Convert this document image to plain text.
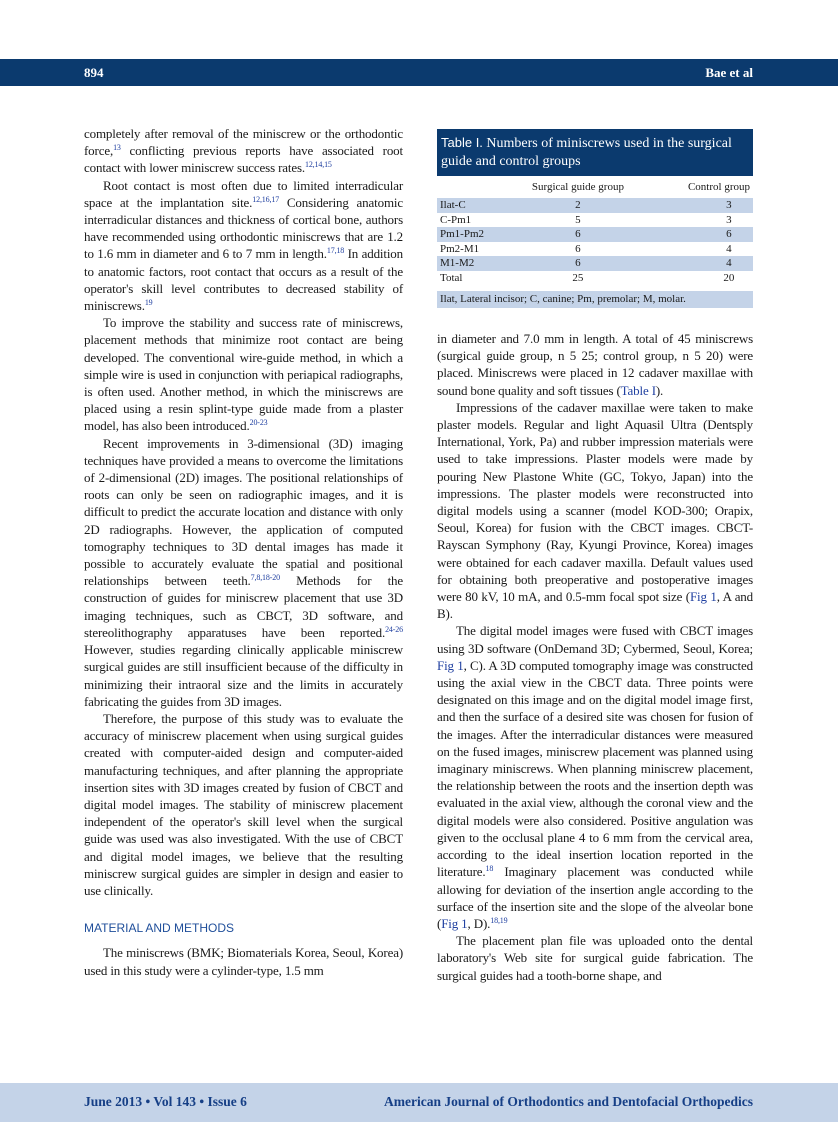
894	Bae et al

completely after removal of the miniscrew or the orthodontic force,$^{13}$ conflicting previous reports have associated root contact with lower miniscrew success rates.$^{12,14,15}$

Root contact is most often due to limited interradicular space at the implantation site.$^{12,16,17}$ Considering anatomic interradicular distances and thickness of cortical bone, authors have recommended using orthodontic miniscrews that are 1.2 to 1.6 mm in diameter and 6 to 7 mm in length.$^{17,18}$ In addition to anatomic factors, root contact that occurs as a result of the operator's skill level contributes to decreased stability of miniscrews.$^{19}$

To improve the stability and success rate of miniscrews, placement methods that minimize root contact are being developed. The conventional wire-guide method, in which a simple wire is used in conjunction with periapical radiographs, is often used. Another method, in which the miniscrews are placed using a resin splint-type guide made from a plaster model, has also been introduced.$^{20-23}$

Recent improvements in 3-dimensional (3D) imaging techniques have provided a means to overcome the limitations of 2-dimensional (2D) images. The positional relationships of roots can only be seen on radiographic images, and it is difficult to predict the accurate location and distance with only 2D radiographs. However, the application of computed tomography techniques to 3D dental images has made it possible to accurately evaluate the spatial and positional relationships between teeth.$^{7,8,18-20}$ Methods for the construction of guides for miniscrew placement that use 3D imaging techniques, such as CBCT, 3D software, and stereolithography apparatuses have been reported.$^{24-26}$ However, studies regarding clinically applicable miniscrew surgical guides are still insufficient because of the difficulty in minimizing their intraoral size and the limits in accurately fabricating the guides from 3D images.

Therefore, the purpose of this study was to evaluate the accuracy of miniscrew placement when using surgical guides created with computer-aided design and computer-aided manufacturing techniques, and after planning the appropriate insertion sites with 3D images created by fusion of CBCT and digital model images. The stability of miniscrew placement independent of the operator's skill level when the surgical guide was used was also investigated. With the use of CBCT and digital model images, we believe that the resulting miniscrew surgical guides are simpler in design and easier to use clinically.

MATERIAL AND METHODS

The miniscrews (BMK; Biomaterials Korea, Seoul, Korea) used in this study were a cylinder-type, 1.5 mm

Table I. Numbers of miniscrews used in the surgical guide and control groups
	Surgical guide group	Control group
Ilat-C	2	3
C-Pm1	5	3
Pm1-Pm2	6	6
Pm2-M1	6	4
M1-M2	6	4
Total	25	20
Ilat, Lateral incisor; C, canine; Pm, premolar; M, molar.

in diameter and 7.0 mm in length. A total of 45 miniscrews (surgical guide group, n 5 25; control group, n 5 20) were placed. Miniscrews were placed in 12 cadaver maxillae with sound bone quality and soft tissues (Table I).

Impressions of the cadaver maxillae were taken to make plaster models. Regular and light Aquasil Ultra (Dentsply International, York, Pa) and rubber impression materials were used to take impressions. Plaster models were made by pouring New Plastone White (GC, Tokyo, Japan) into the impressions. The plaster models were reconstructed into digital models using a scanner (model KOD-300; Orapix, Seoul, Korea) for fusion with the CBCT images. CBCT-Rayscan Symphony (Ray, Kyungi Province, Korea) images were obtained for each cadaver maxilla. Default values used for obtaining both preoperative and postoperative images were 80 kV, 10 mA, and 0.5-mm focal spot size (Fig 1, A and B).

The digital model images were fused with CBCT images using 3D software (OnDemand 3D; Cybermed, Seoul, Korea; Fig 1, C). A 3D computed tomography image was constructed using the axial view in the CBCT data. Three points were designated on this image and on the digital model image first, and then the surface of a desired site was chosen for fusion of the images. After the interradicular distances were measured on the fused images, miniscrew placement was planned using imaginary miniscrews. When planning miniscrew placement, the relationship between the roots and the insertion depth was evaluated in the axial view, although the coronal view and the digital models were also considered. Positive angulation was given to the occlusal plane 4 to 6 mm from the cervical area, according to the ideal insertion location reported in the literature.$^{18}$ Imaginary placement was conducted while allowing for deviation of the insertion angle according to the surface of the insertion site and the slope of the alveolar bone (Fig 1, D).$^{18,19}$

The placement plan file was uploaded onto the dental laboratory's Web site for surgical guide fabrication. The surgical guides had a tooth-borne shape, and

June 2013 • Vol 143 • Issue 6	American Journal of Orthodontics and Dentofacial Orthopedics
